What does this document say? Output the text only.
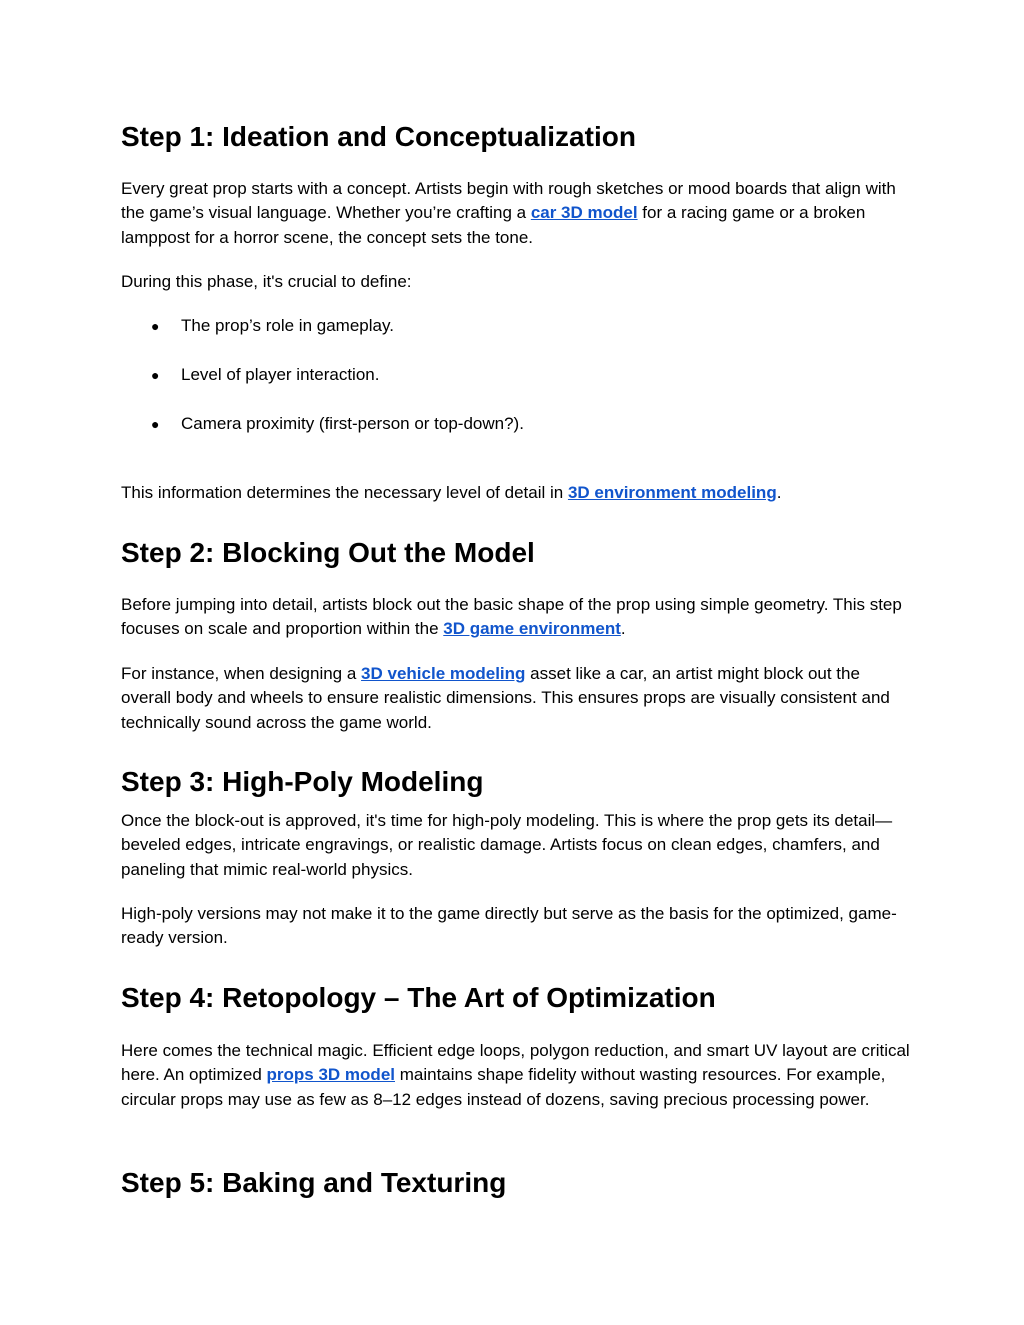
Step 1: Ideation and Conceptualization

Every great prop starts with a concept. Artists begin with rough sketches or mood boards that align with the game’s visual language. Whether you’re crafting a car 3D model for a racing game or a broken lamppost for a horror scene, the concept sets the tone.

During this phase, it's crucial to define:

● The prop’s role in gameplay.
● Level of player interaction.
● Camera proximity (first-person or top-down?).

This information determines the necessary level of detail in 3D environment modeling.

Step 2: Blocking Out the Model

Before jumping into detail, artists block out the basic shape of the prop using simple geometry. This step focuses on scale and proportion within the 3D game environment.

For instance, when designing a 3D vehicle modeling asset like a car, an artist might block out the overall body and wheels to ensure realistic dimensions. This ensures props are visually consistent and technically sound across the game world.

Step 3: High-Poly Modeling

Once the block-out is approved, it's time for high-poly modeling. This is where the prop gets its detail—beveled edges, intricate engravings, or realistic damage. Artists focus on clean edges, chamfers, and paneling that mimic real-world physics.

High-poly versions may not make it to the game directly but serve as the basis for the optimized, game-ready version.

Step 4: Retopology – The Art of Optimization

Here comes the technical magic. Efficient edge loops, polygon reduction, and smart UV layout are critical here. An optimized props 3D model maintains shape fidelity without wasting resources. For example, circular props may use as few as 8–12 edges instead of dozens, saving precious processing power.

Step 5: Baking and Texturing
